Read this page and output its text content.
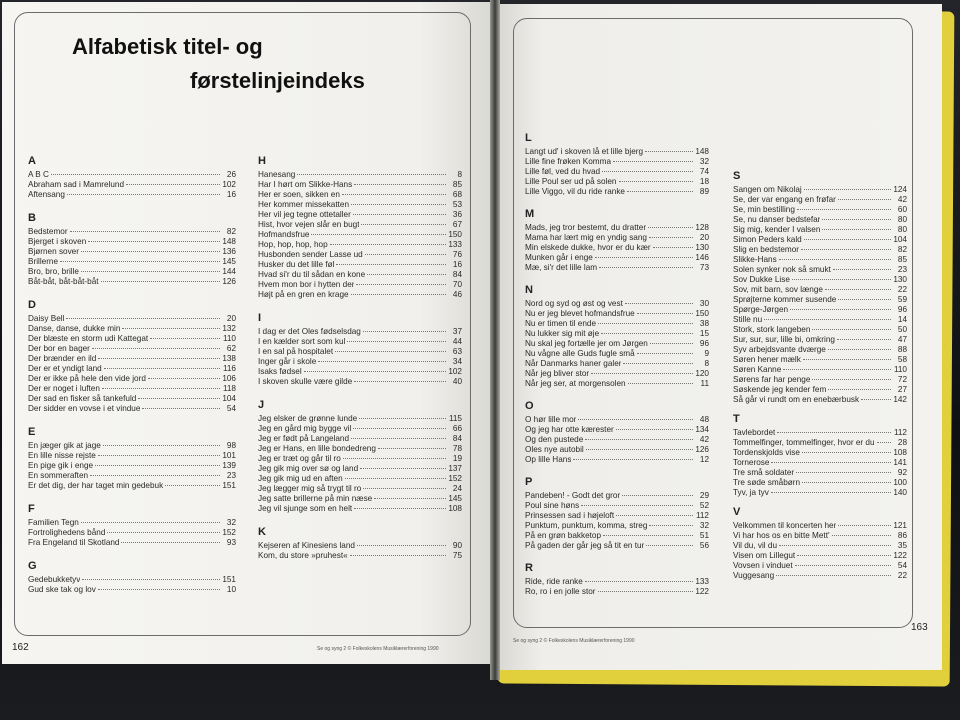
Alfabetisk titel- og
førstelinjeindeks
A
A B C	26
Abraham sad i Mamrelund	102
Aftensang	16
B
Bedstemor	82
Bjerget i skoven	148
Bjørnen sover	136
Brillerne	145
Bro, bro, brille	144
Båt-båt, båt-båt-båt	126
D
Daisy Bell	20
Danse, danse, dukke min	132
Der blæste en storm udi Kattegat	110
Der bor en bager	62
Der brænder en ild	138
Der er et yndigt land	116
Der er ikke på hele den vide jord	106
Der er noget i luften	118
Der sad en fisker så tankefuld	104
Der sidder en vovse i et vindue	54
E
En jæger gik at jage	98
En lille nisse rejste	101
En pige gik i enge	139
En sommeraften	23
Er det dig, der har taget min gedebuk	151
F
Familien Tegn	32
Fortrolighedens bånd	152
Fra Engeland til Skotland	93
G
Gedebukketyv	151
Gud ske tak og lov	10
H
Hanesang	8
Har I hørt om Slikke-Hans	85
Her er soen, sikken en	68
Her kommer missekatten	53
Her vil jeg tegne ottetaller	36
Hist, hvor vejen slår en bugt	67
Hofmandsfrue	150
Hop, hop, hop, hop	133
Husbonden sender Lasse ud	76
Husker du det lille føl	16
Hvad si'r du til sådan en kone	84
Hvem mon bor i hytten der	70
Højt på en gren en krage	46
I
I dag er det Oles fødselsdag	37
I en kælder sort som kul	44
I en sal på hospitalet	63
Inger går i skole	34
Isaks fødsel	102
I skoven skulle være gilde	40
J
Jeg elsker de grønne lunde	115
Jeg en gård mig bygge vil	66
Jeg er født på Langeland	84
Jeg er Hans, en lille bondedreng	78
Jeg er træt og går til ro	19
Jeg gik mig over sø og land	137
Jeg gik mig ud en aften	152
Jeg lægger mig så trygt til ro	24
Jeg satte brillerne på min næse	145
Jeg vil sjunge som en helt	108
K
Kejseren af Kinesiens land	90
Kom, du store »pruhest«	75
162	Se og syng 2 © Folkeskolens Musiklærerforening 1990
L
Langt ud' i skoven lå et lille bjerg	148
Lille fine frøken Komma	32
Lille føl, ved du hvad	74
Lille Poul ser ud på solen	18
Lille Viggo, vil du ride ranke	89
M
Mads, jeg tror bestemt, du dratter	128
Mama har lært mig en yndig sang	20
Min elskede dukke, hvor er du kær	130
Munken går i enge	146
Mæ, si'r det lille lam	73
N
Nord og syd og øst og vest	30
Nu er jeg blevet hofmandsfrue	150
Nu er timen til ende	38
Nu lukker sig mit øje	15
Nu skal jeg fortælle jer om Jørgen	96
Nu vågne alle Guds fugle små	9
Når Danmarks haner galer	8
Når jeg bliver stor	120
Når jeg ser, at morgensolen	11
O
O hør lille mor	48
Og jeg har otte kærester	134
Og den pustede	42
Oles nye autobil	126
Op lille Hans	12
P
Pandeben! - Godt det gror	29
Poul sine høns	52
Prinsessen sad i højeloft	112
Punktum, punktum, komma, streg	32
På en grøn bakketop	51
På gaden der går jeg så tit en tur	56
R
Ride, ride ranke	133
Ro, ro i en jolle stor	122
S
Sangen om Nikolaj	124
Se, der var engang en frøfar	42
Se, min bestilling	60
Se, nu danser bedstefar	80
Sig mig, kender I valsen	80
Simon Peders kald	104
Slig en bedstemor	82
Slikke-Hans	85
Solen synker nok så smukt	23
Sov Dukke Lise	130
Sov, mit barn, sov længe	22
Sprøjterne kommer susende	59
Spørge-Jørgen	96
Stille nu	14
Stork, stork langeben	50
Sur, sur, sur, lille bi, omkring	47
Syv arbejdsvante dværge	88
Søren hener mælk	58
Søren Kanne	110
Sørens far har penge	72
Søskende jeg kender fem	27
Så går vi rundt om en enebærbusk	142
T
Tavlebordet	112
Tommelfinger, tommelfinger, hvor er du	28
Tordenskjolds vise	108
Tornerose	141
Tre små soldater	92
Tre søde småbørn	100
Tyv, ja tyv	140
V
Velkommen til koncerten her	121
Vi har hos os en bitte Mett'	86
Vil du, vil du	35
Visen om Lillegut	122
Vovsen i vinduet	54
Vuggesang	22
163
Se og syng 2 © Folkeskolens Musiklærerforening 1990
